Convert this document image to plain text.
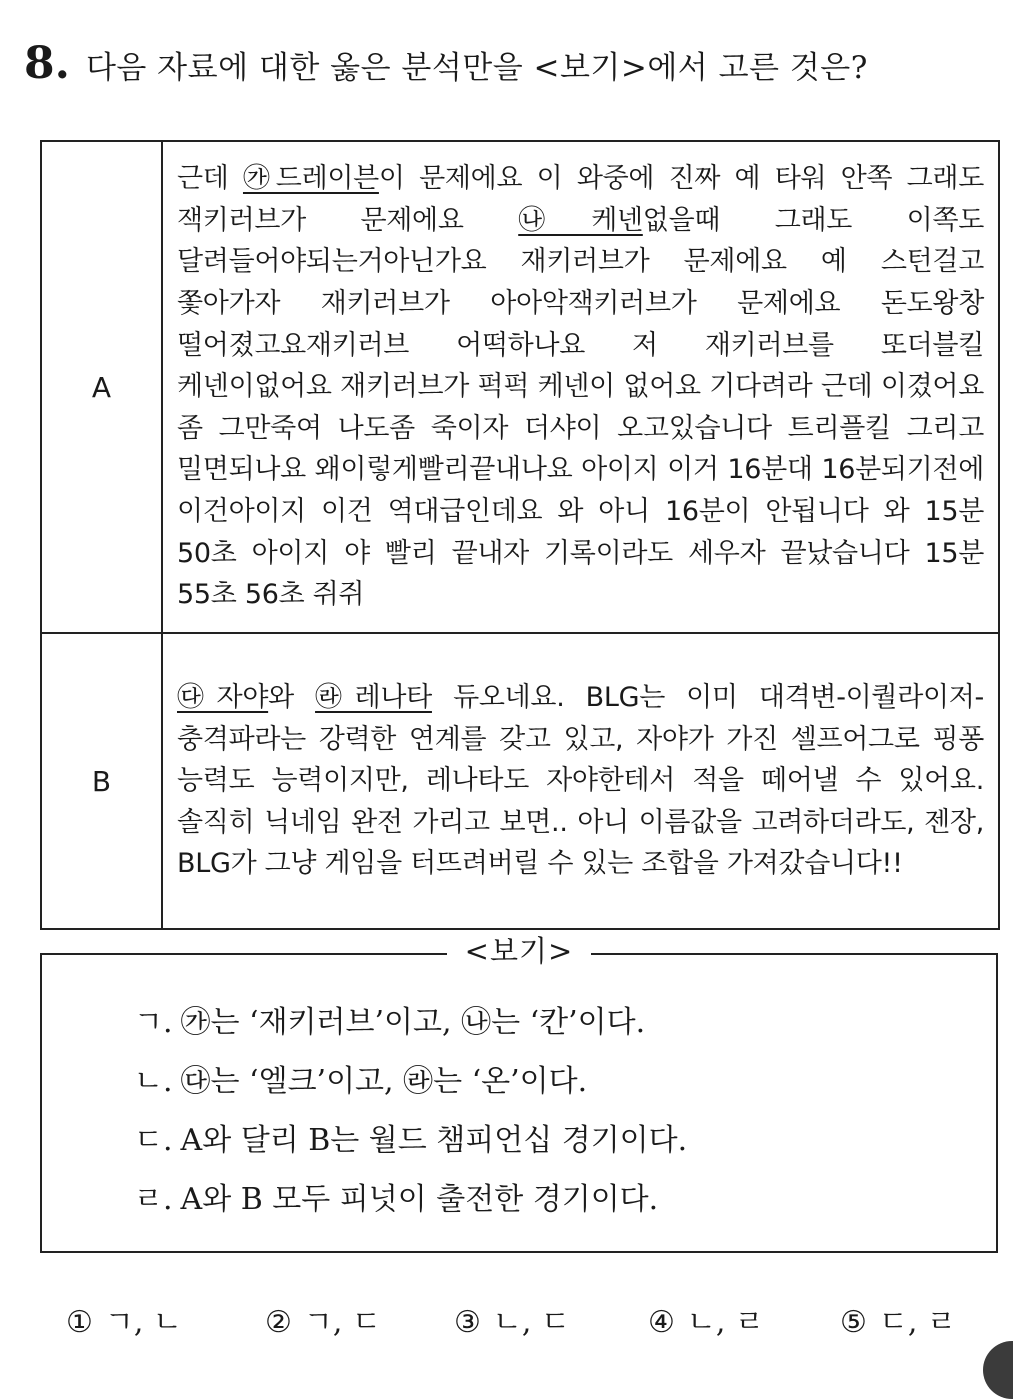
8. 다음 자료에 대한 옳은 분석만을 <보기>에서 고른 것은?
A	근데 ㉮드레이븐이 문제에요 이 와중에 진짜 예 타워 안쪽 그래도 잭키러브가 문제에요 ㉯케넨없을때 그래도 이쪽도 달려들어야되는거아닌가요 재키러브가 문제에요 예 스턴걸고 쫓아가자 재키러브가 아아악잭키러브가 문제에요 돈도왕창 떨어졌고요재키러브 어떡하나요 저 재키러브를 또더블킬 케넨이없어요 재키러브가 퍽퍽 케넨이 없어요 기다려라 근데 이겼어요 좀 그만죽여 나도좀 죽이자 더샤이 오고있습니다 트리플킬 그리고 밀면되나요 왜이렇게빨리끝내나요 아이지 이거 16분대 16분되기전에 이건아이지 이건 역대급인데요 와 아니 16분이 안됩니다 와 15분 50초 아이지 야 빨리 끝내자 기록이라도 세우자 끝났습니다 15분 55초 56초 쥐쥐
B	㉰자야와 ㉱레나타 듀오네요. BLG는 이미 대격변-이퀄라이저-충격파라는 강력한 연계를 갖고 있고, 자야가 가진 셀프어그로 핑퐁 능력도 능력이지만, 레나타도 자야한테서 적을 떼어낼 수 있어요. 솔직히 닉네임 완전 가리고 보면.. 아니 이름값을 고려하더라도, 젠장, BLG가 그냥 게임을 터뜨려버릴 수 있는 조합을 가져갔습니다!!
<보기>
ㄱ. ㉮는 ‘재키러브’이고, ㉯는 ‘칸’이다.
ㄴ. ㉰는 ‘엘크’이고, ㉱는 ‘온’이다.
ㄷ. A와 달리 B는 월드 챔피언십 경기이다.
ㄹ. A와 B 모두 피넛이 출전한 경기이다.
① ㄱ, ㄴ	② ㄱ, ㄷ ③ ㄴ, ㄷ	④ ㄴ, ㄹ	⑤ ㄷ, ㄹ
